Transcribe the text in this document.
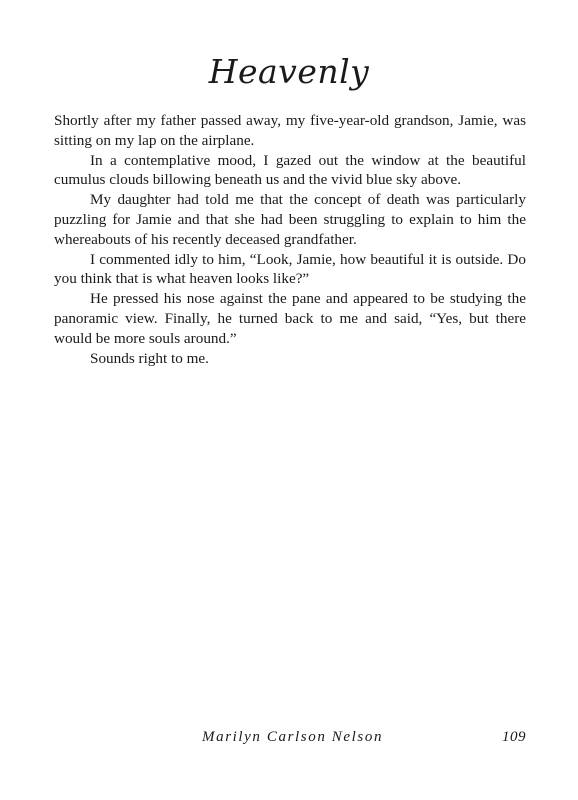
Heavenly

Shortly after my father passed away, my five-year-old grandson, Jamie, was sitting on my lap on the airplane.

In a contemplative mood, I gazed out the window at the beautiful cumulus clouds billowing beneath us and the vivid blue sky above.

My daughter had told me that the concept of death was particularly puzzling for Jamie and that she had been struggling to explain to him the whereabouts of his recently deceased grandfather.

I commented idly to him, “Look, Jamie, how beautiful it is outside. Do you think that is what heaven looks like?”

He pressed his nose against the pane and appeared to be studying the panoramic view. Finally, he turned back to me and said, “Yes, but there would be more souls around.”

Sounds right to me.

Marilyn Carlson Nelson	109
